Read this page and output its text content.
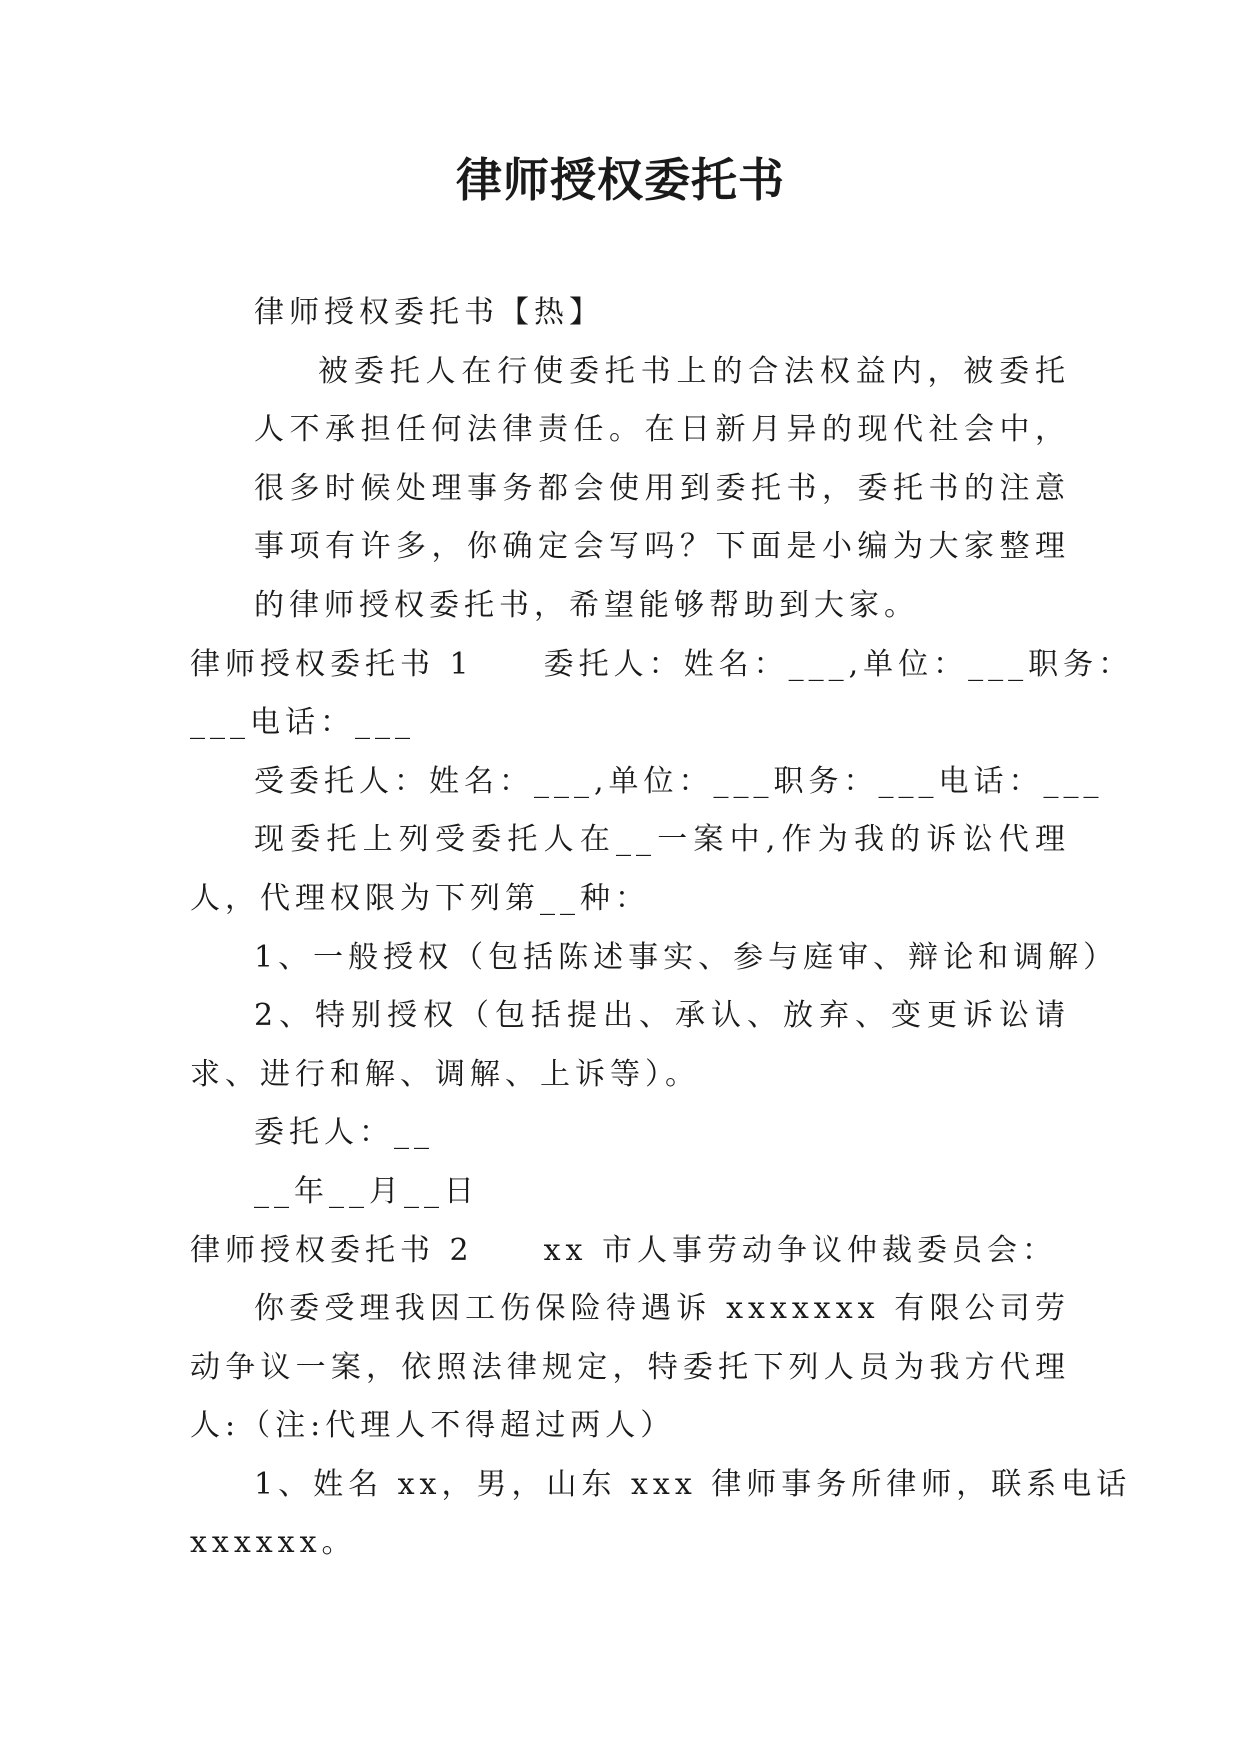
律师授权委托书

律师授权委托书【热】

被委托人在行使委托书上的合法权益内，被委托人不承担任何法律责任。在日新月异的现代社会中，很多时候处理事务都会使用到委托书，委托书的注意事项有许多，你确定会写吗？下面是小编为大家整理的律师授权委托书，希望能够帮助到大家。

律师授权委托书 1 委托人：姓名：___,单位：___职务：

___电话：___

受委托人：姓名：___,单位：___职务：___电话：___

现委托上列受委托人在__一案中,作为我的诉讼代理人，代理权限为下列第__种：

1、一般授权（包括陈述事实、参与庭审、辩论和调解）

2、特别授权（包括提出、承认、放弃、变更诉讼请求、进行和解、调解、上诉等）。

委托人：__

__年__月__日

律师授权委托书 2 xx 市人事劳动争议仲裁委员会：

你委受理我因工伤保险待遇诉 xxxxxxx 有限公司劳动争议一案，依照法律规定，特委托下列人员为我方代理人:（注:代理人不得超过两人）

1、姓名 xx，男，山东 xxx 律师事务所律师，联系电话

xxxxxx。
